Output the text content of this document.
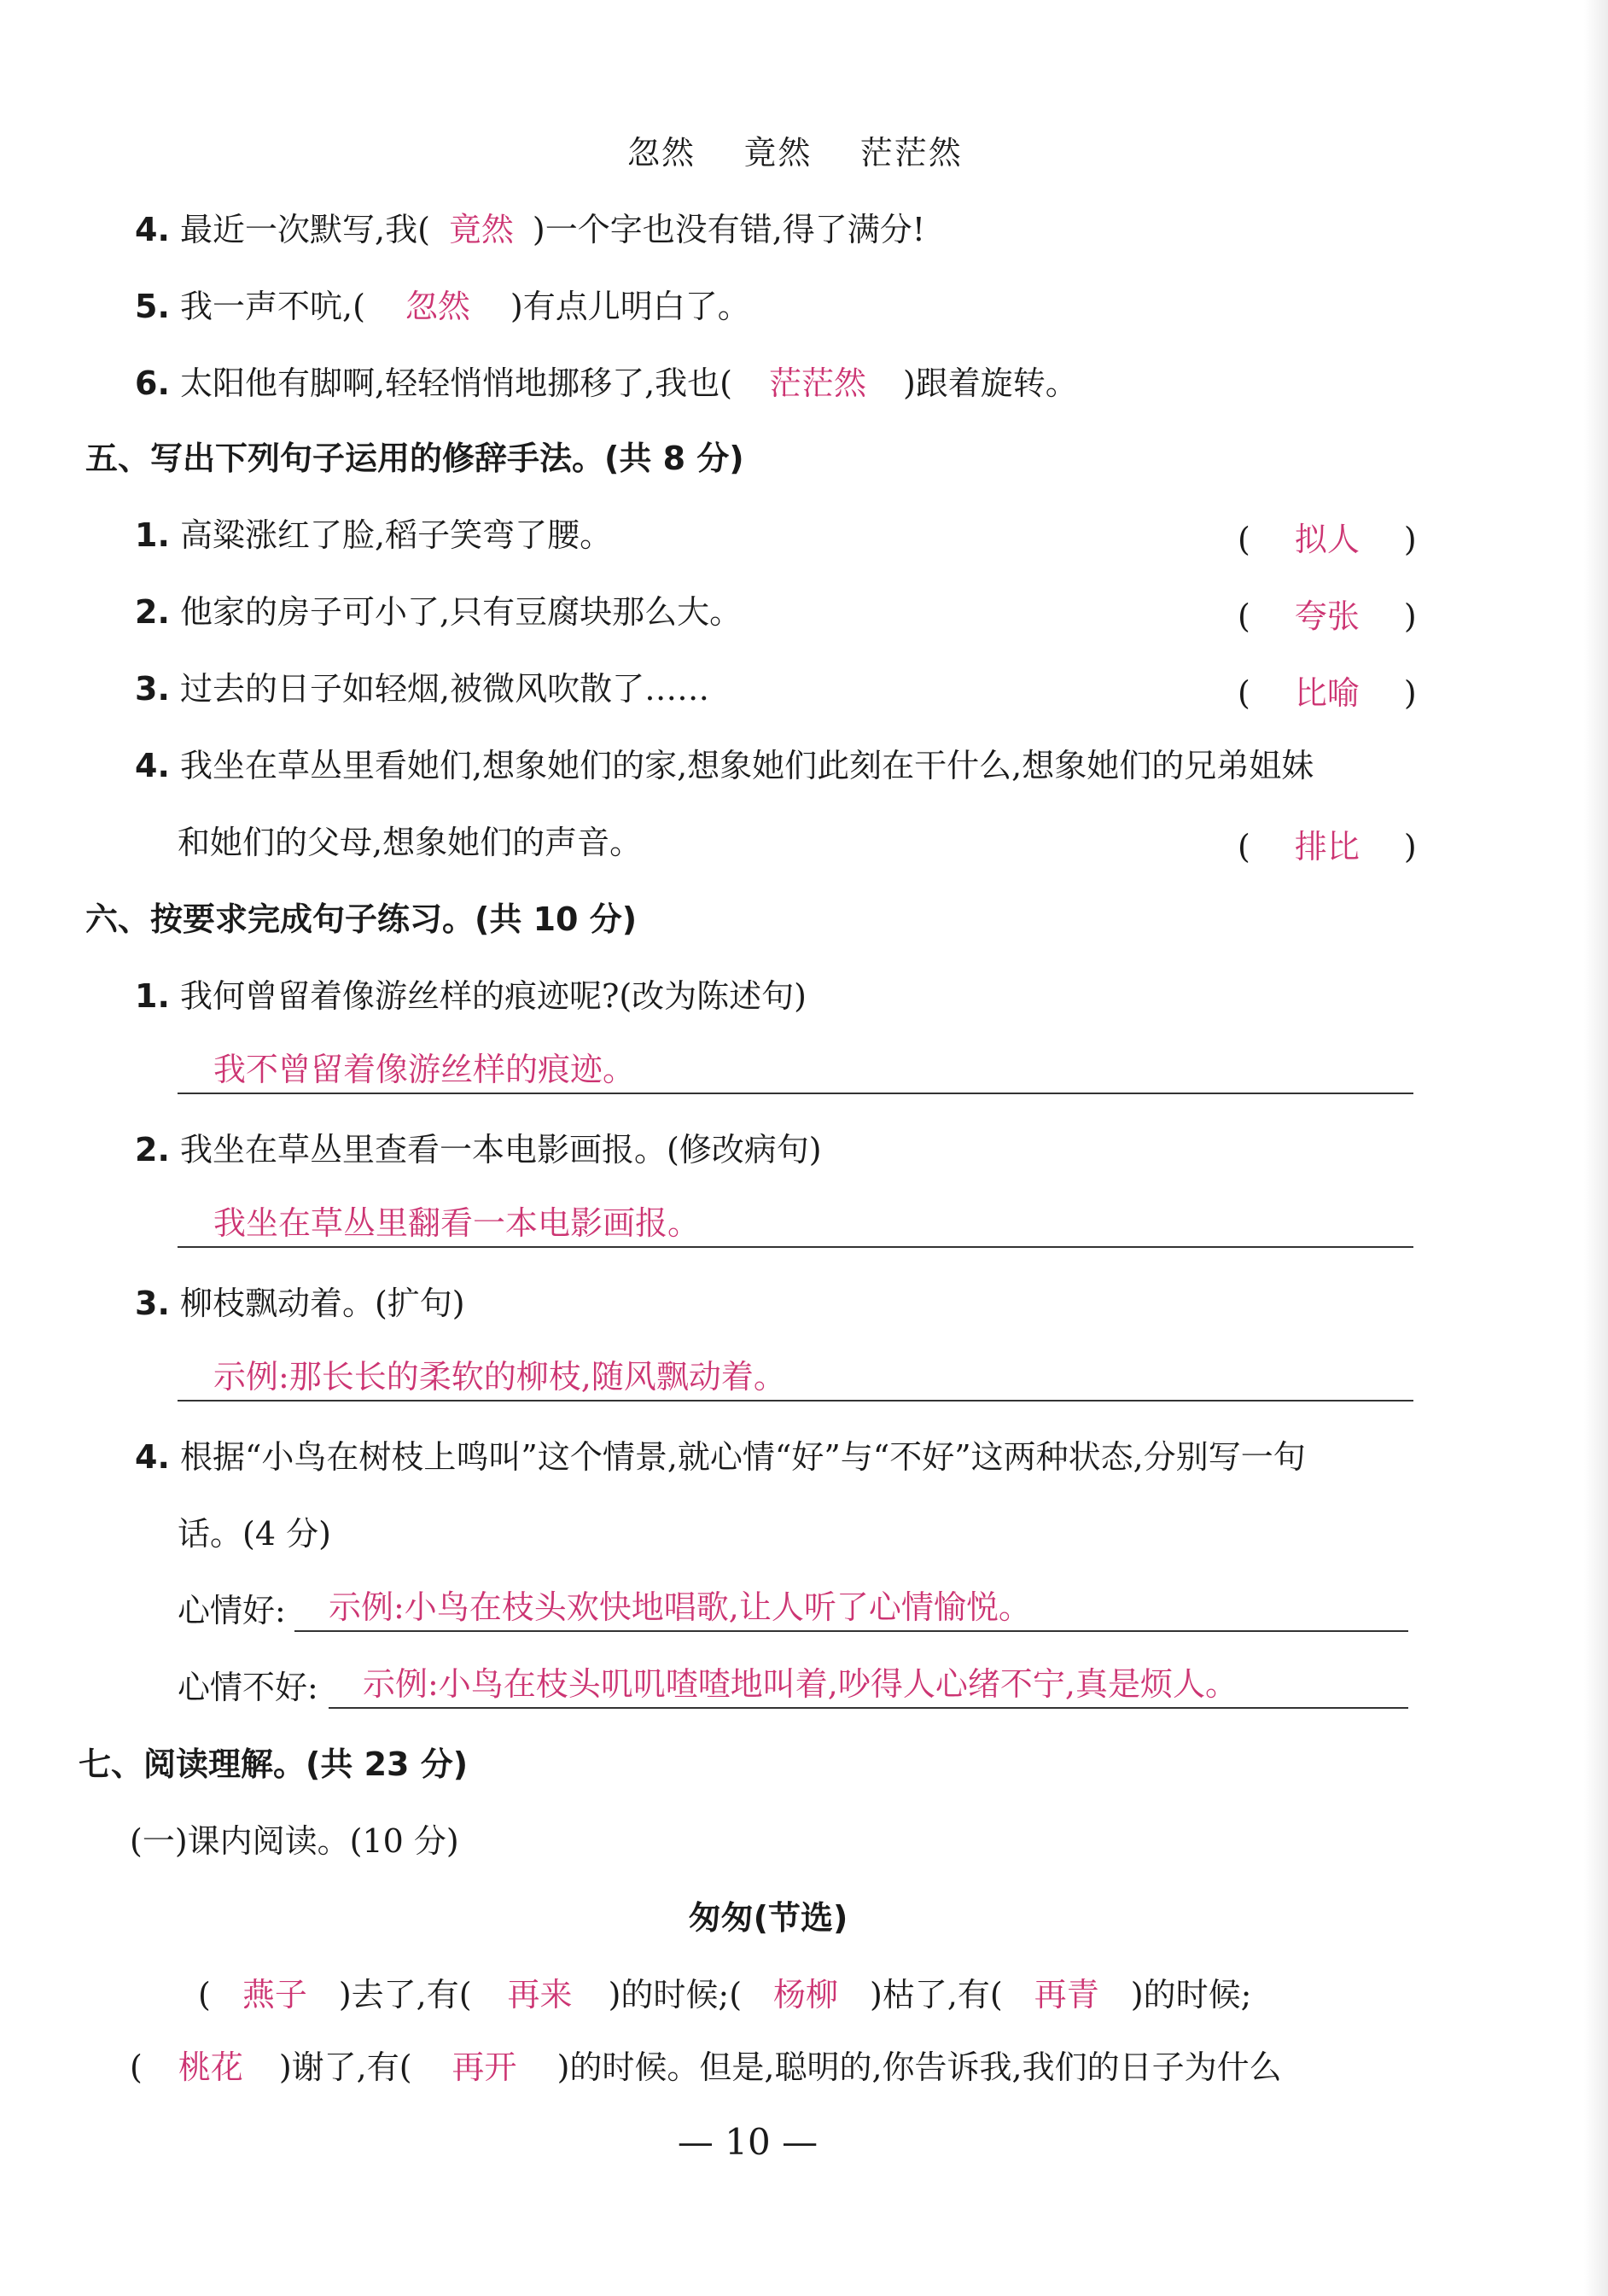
忽然 竟然 茫茫然
4. 最近一次默写,我( 竟然 )一个字也没有错,得了满分!
5. 我一声不吭,( 忽然 )有点儿明白了。
6. 太阳他有脚啊,轻轻悄悄地挪移了,我也( 茫茫然 )跟着旋转。
五、写出下列句子运用的修辞手法。(共 8 分)
1. 高粱涨红了脸,稻子笑弯了腰。	( 拟人 )
2. 他家的房子可小了,只有豆腐块那么大。	( 夸张 )
3. 过去的日子如轻烟,被微风吹散了……	( 比喻 )
4. 我坐在草丛里看她们,想象她们的家,想象她们此刻在干什么,想象她们的兄弟姐妹
和她们的父母,想象她们的声音。	( 排比 )
六、按要求完成句子练习。(共 10 分)
1. 我何曾留着像游丝样的痕迹呢?(改为陈述句)
我不曾留着像游丝样的痕迹。
2. 我坐在草丛里查看一本电影画报。(修改病句)
我坐在草丛里翻看一本电影画报。
3. 柳枝飘动着。(扩句)
示例:那长长的柔软的柳枝,随风飘动着。
4. 根据“小鸟在树枝上鸣叫”这个情景,就心情“好”与“不好”这两种状态,分别写一句
话。(4 分)
心情好: 示例:小鸟在枝头欢快地唱歌,让人听了心情愉悦。
心情不好: 示例:小鸟在枝头叽叽喳喳地叫着,吵得人心绪不宁,真是烦人。
七、阅读理解。(共 23 分)
(一)课内阅读。(10 分)
匆匆(节选)
( 燕子 )去了,有( 再来 )的时候;( 杨柳 )枯了,有( 再青 )的时候;
( 桃花 )谢了,有( 再开 )的时候。但是,聪明的,你告诉我,我们的日子为什么
— 10 —
